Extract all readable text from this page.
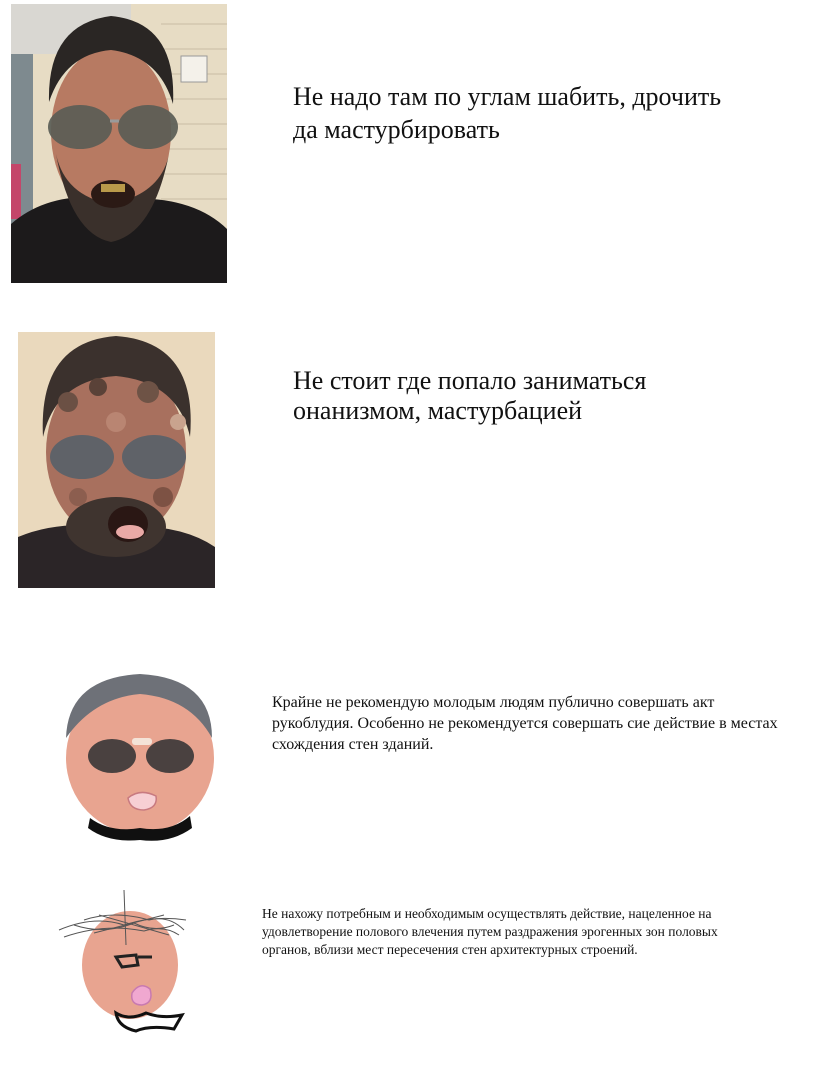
Не надо там по углам шабить, дрочить да мастурбировать

Не стоит где попало заниматься онанизмом, мастурбацией

Крайне не рекомендую молодым людям публично совершать акт рукоблудия. Особенно не рекомендуется совершать сие действие в местах схождения стен зданий.

Не нахожу потребным и необходимым осуществлять действие, нацеленное на удовлетворение полового влечения путем раздражения эрогенных зон половых органов, вблизи мест пересечения стен архитектурных строений.
